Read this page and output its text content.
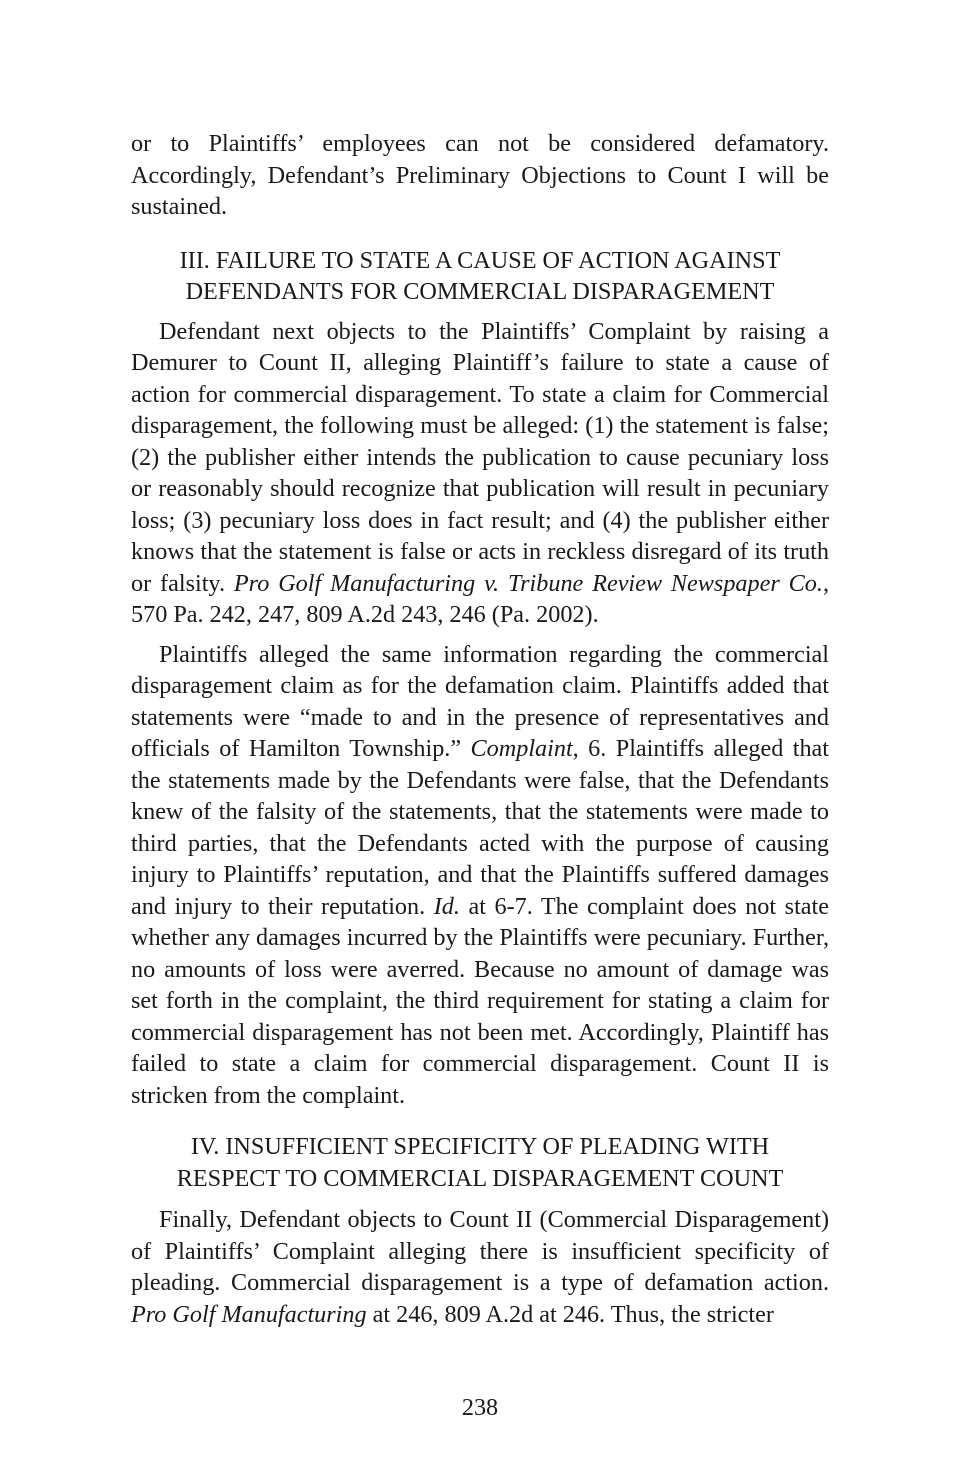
or to Plaintiffs’ employees can not be considered defamatory. Accordingly, Defendant’s Preliminary Objections to Count I will be sustained.

III. FAILURE TO STATE A CAUSE OF ACTION AGAINST
DEFENDANTS FOR COMMERCIAL DISPARAGEMENT

Defendant next objects to the Plaintiffs’ Complaint by raising a Demurer to Count II, alleging Plaintiff’s failure to state a cause of action for commercial disparagement. To state a claim for Commercial disparagement, the following must be alleged: (1) the statement is false; (2) the publisher either intends the publication to cause pecuniary loss or reasonably should recognize that publication will result in pecuniary loss; (3) pecuniary loss does in fact result; and (4) the publisher either knows that the statement is false or acts in reckless disregard of its truth or falsity. Pro Golf Manufacturing v. Tribune Review Newspaper Co., 570 Pa. 242, 247, 809 A.2d 243, 246 (Pa. 2002).

Plaintiffs alleged the same information regarding the commercial disparagement claim as for the defamation claim. Plaintiffs added that statements were “made to and in the presence of representatives and officials of Hamilton Township.” Complaint, 6. Plaintiffs alleged that the statements made by the Defendants were false, that the Defendants knew of the falsity of the statements, that the statements were made to third parties, that the Defendants acted with the purpose of causing injury to Plaintiffs’ reputation, and that the Plaintiffs suffered damages and injury to their reputation. Id. at 6-7. The complaint does not state whether any damages incurred by the Plaintiffs were pecuniary. Further, no amounts of loss were averred. Because no amount of damage was set forth in the complaint, the third requirement for stating a claim for commercial disparagement has not been met. Accordingly, Plaintiff has failed to state a claim for commercial disparagement. Count II is stricken from the complaint.

IV. INSUFFICIENT SPECIFICITY OF PLEADING WITH
RESPECT TO COMMERCIAL DISPARAGEMENT COUNT

Finally, Defendant objects to Count II (Commercial Disparagement) of Plaintiffs’ Complaint alleging there is insufficient specificity of pleading. Commercial disparagement is a type of defamation action. Pro Golf Manufacturing at 246, 809 A.2d at 246. Thus, the stricter

238
